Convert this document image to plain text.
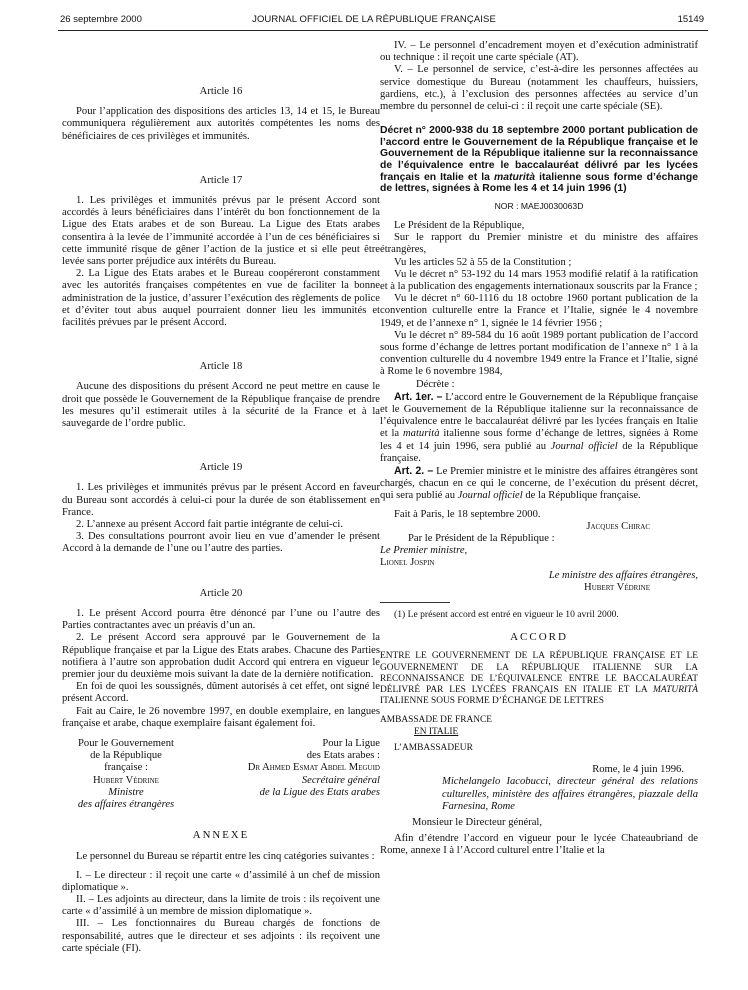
26 septembre 2000	JOURNAL OFFICIEL DE LA RÉPUBLIQUE FRANÇAISE	15149
Article 16

Pour l’application des dispositions des articles 13, 14 et 15, le Bureau communiquera régulièrement aux autorités compétentes les noms des bénéficiaires de ces privilèges et immunités.

Article 17

1. Les privilèges et immunités prévus par le présent Accord sont accordés à leurs bénéficiaires dans l’intérêt du bon fonctionnement de la Ligue des Etats arabes et de son Bureau. La Ligue des Etats arabes consentira à la levée de l’immunité accordée à l’un de ces bénéficiaires si cette immunité risque de gêner l’action de la justice et si elle peut être levée sans porter préjudice aux intérêts du Bureau.

2. La Ligue des Etats arabes et le Bureau coopéreront constamment avec les autorités françaises compétentes en vue de faciliter la bonne administration de la justice, d’assurer l’exécution des règlements de police et d’éviter tout abus auquel pourraient donner lieu les immunités et facilités prévues par le présent Accord.

Article 18

Aucune des dispositions du présent Accord ne peut mettre en cause le droit que possède le Gouvernement de la République française de prendre les mesures qu’il estimerait utiles à la sécurité de la France et à la sauvegarde de l’ordre public.

Article 19

1. Les privilèges et immunités prévus par le présent Accord en faveur du Bureau sont accordés à celui-ci pour la durée de son établissement en France.

2. L’annexe au présent Accord fait partie intégrante de celui-ci.

3. Des consultations pourront avoir lieu en vue d’amender le présent Accord à la demande de l’une ou l’autre des parties.

Article 20

1. Le présent Accord pourra être dénoncé par l’une ou l’autre des Parties contractantes avec un préavis d’un an.

2. Le présent Accord sera approuvé par le Gouvernement de la République française et par la Ligue des Etats arabes. Chacune des Parties notifiera à l’autre son approbation dudit Accord qui entrera en vigueur le premier jour du deuxième mois suivant la date de la dernière notification.

En foi de quoi les soussignés, dûment autorisés à cet effet, ont signé le présent Accord.

Fait au Caire, le 26 novembre 1997, en double exemplaire, en langues française et arabe, chaque exemplaire faisant également foi.

Pour le Gouvernement
de la République
française :
Hubert Védrine
Ministre
des affaires étrangères
Pour la Ligue
des Etats arabes :
Dr Ahmed Esmat Abdel Meguid
Secrétaire général
de la Ligue des Etats arabes
ANNEXE

Le personnel du Bureau se répartit entre les cinq catégories suivantes :

I. – Le directeur : il reçoit une carte « d’assimilé à un chef de mission diplomatique ».

II. – Les adjoints au directeur, dans la limite de trois : ils reçoivent une carte « d’assimilé à un membre de mission diplomatique ».

III. – Les fonctionnaires du Bureau chargés de fonctions de responsabilité, autres que le directeur et ses adjoints : ils reçoivent une carte spéciale (FI).

IV. – Le personnel d’encadrement moyen et d’exécution administratif ou technique : il reçoit une carte spéciale (AT).

V. – Le personnel de service, c’est-à-dire les personnes affectées au service domestique du Bureau (notamment les chauffeurs, huissiers, gardiens, etc.), à l’exclusion des personnes affectées au service d’un membre du personnel de celui-ci : il reçoit une carte spéciale (SE).

Décret n° 2000-938 du 18 septembre 2000 portant publication de l’accord entre le Gouvernement de la République française et le Gouvernement de la République italienne sur la reconnaissance de l’équivalence entre le baccalauréat délivré par les lycées français en Italie et la maturità italienne sous forme d’échange de lettres, signées à Rome les 4 et 14 juin 1996 (1)
NOR : MAEJ0030063D

Le Président de la République,

Sur le rapport du Premier ministre et du ministre des affaires étrangères,

Vu les articles 52 à 55 de la Constitution ;

Vu le décret n° 53-192 du 14 mars 1953 modifié relatif à la ratification et à la publication des engagements internationaux souscrits par la France ;

Vu le décret n° 60-1116 du 18 octobre 1960 portant publication de la convention culturelle entre la France et l’Italie, signée le 4 novembre 1949, et de l’annexe n° 1, signée le 14 février 1956 ;

Vu le décret n° 89-584 du 16 août 1989 portant publication de l’accord sous forme d’échange de lettres portant modification de l’annexe n° 1 à la convention culturelle du 4 novembre 1949 entre la France et l’Italie, signé à Rome le 6 novembre 1984,

Décrète :

Art. 1er. – L’accord entre le Gouvernement de la République française et le Gouvernement de la République italienne sur la reconnaissance de l’équivalence entre le baccalauréat délivré par les lycées français en Italie et la maturità italienne sous forme d’échange de lettres, signées à Rome les 4 et 14 juin 1996, sera publié au Journal officiel de la République française.

Art. 2. – Le Premier ministre et le ministre des affaires étrangères sont chargés, chacun en ce qui le concerne, de l’exécution du présent décret, qui sera publié au Journal officiel de la République française.

Fait à Paris, le 18 septembre 2000.

Jacques Chirac

Par le Président de la République :

Le Premier ministre,

Lionel Jospin

Le ministre des affaires étrangères,

Hubert Védrine

(1) Le présent accord est entré en vigueur le 10 avril 2000.

ACCORD

ENTRE LE GOUVERNEMENT DE LA RÉPUBLIQUE FRANÇAISE ET LE GOUVERNEMENT DE LA RÉPUBLIQUE ITALIENNE SUR LA RECONNAISSANCE DE L’ÉQUIVALENCE ENTRE LE BACCALAURÉAT DÉLIVRÉ PAR LES LYCÉES FRANÇAIS EN ITALIE ET LA MATURITÀ ITALIENNE SOUS FORME D’ÉCHANGE DE LETTRES

AMBASSADE DE FRANCE

EN ITALIE

L’AMBASSADEUR

Rome, le 4 juin 1996.

Michelangelo Iacobucci, directeur général des relations culturelles, ministère des affaires étrangères, piazzale della Farnesina, Rome

Monsieur le Directeur général,

Afin d’étendre l’accord en vigueur pour le lycée Chateaubriand de Rome, annexe I à l’Accord culturel entre l’Italie et la
